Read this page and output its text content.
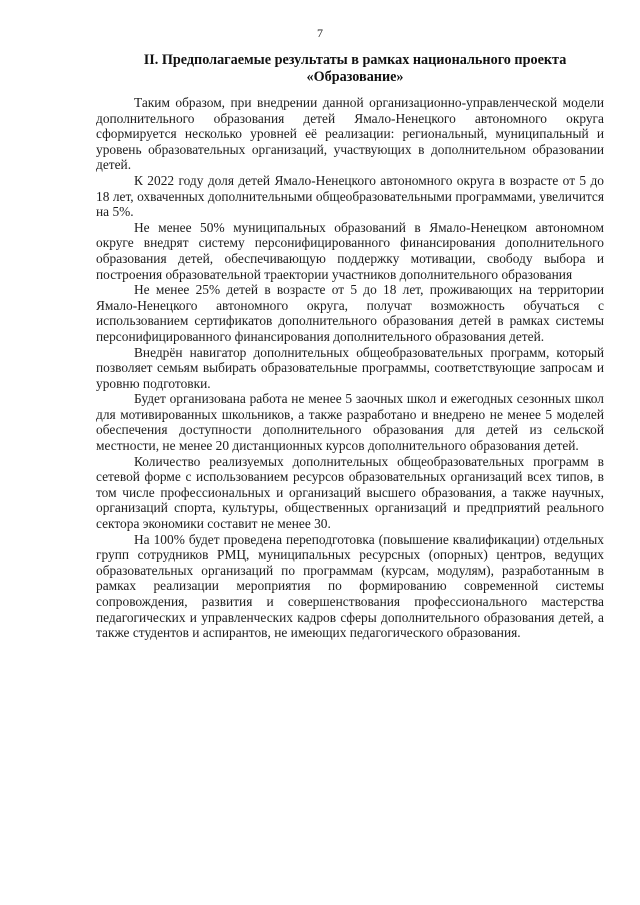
7
II. Предполагаемые результаты в рамках национального проекта
«Образование»

Таким образом, при внедрении данной организационно-управленческой модели дополнительного образования детей Ямало-Ненецкого автономного округа сформируется несколько уровней её реализации: региональный, муниципальный и уровень образовательных организаций, участвующих в дополнительном образовании детей.

К 2022 году доля детей Ямало-Ненецкого автономного округа в возрасте от 5 до 18 лет, охваченных дополнительными общеобразовательными программами, увеличится на 5%.

Не менее 50% муниципальных образований в Ямало-Ненецком автономном округе внедрят систему персонифицированного финансирования дополнительного образования детей, обеспечивающую поддержку мотивации, свободу выбора и построения образовательной траектории участников дополнительного образования

Не менее 25% детей в возрасте от 5 до 18 лет, проживающих на территории Ямало-Ненецкого автономного округа, получат возможность обучаться с использованием сертификатов дополнительного образования детей в рамках системы персонифицированного финансирования дополнительного образования детей.

Внедрён навигатор дополнительных общеобразовательных программ, который позволяет семьям выбирать образовательные программы, соответствующие запросам и уровню подготовки.

Будет организована работа не менее 5 заочных школ и ежегодных сезонных школ для мотивированных школьников, а также разработано и внедрено не менее 5 моделей обеспечения доступности дополнительного образования для детей из сельской местности, не менее 20 дистанционных курсов дополнительного образования детей.

Количество реализуемых дополнительных общеобразовательных программ в сетевой форме с использованием ресурсов образовательных организаций всех типов, в том числе профессиональных и организаций высшего образования, а также научных, организаций спорта, культуры, общественных организаций и предприятий реального сектора экономики составит не менее 30.

На 100% будет проведена переподготовка (повышение квалификации) отдельных групп сотрудников РМЦ, муниципальных ресурсных (опорных) центров, ведущих образовательных организаций по программам (курсам, модулям), разработанным в рамках реализации мероприятия по формированию современной системы сопровождения, развития и совершенствования профессионального мастерства педагогических и управленческих кадров сферы дополнительного образования детей, а также студентов и аспирантов, не имеющих педагогического образования.
